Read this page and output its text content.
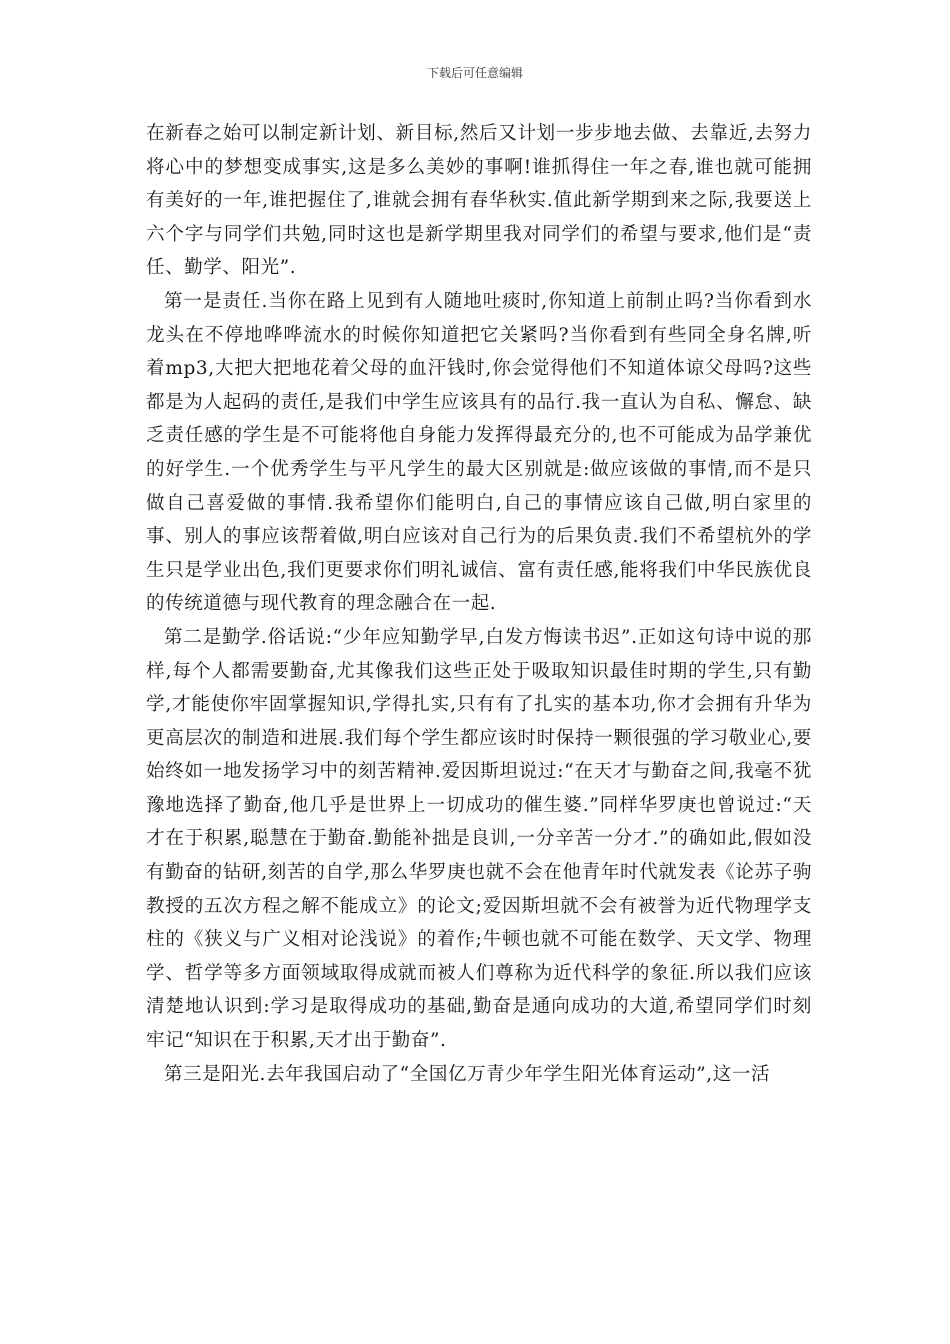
下载后可任意编辑

在新春之始可以制定新计划、新目标,然后又计划一步步地去做、去靠近,去努力将心中的梦想变成事实,这是多么美妙的事啊!谁抓得住一年之春,谁也就可能拥有美好的一年,谁把握住了,谁就会拥有春华秋实.值此新学期到来之际,我要送上六个字与同学们共勉,同时这也是新学期里我对同学们的希望与要求,他们是“责任、勤学、阳光”.

第一是责任.当你在路上见到有人随地吐痰时,你知道上前制止吗?当你看到水龙头在不停地哗哗流水的时候你知道把它关紧吗?当你看到有些同全身名牌,听着mp3,大把大把地花着父母的血汗钱时,你会觉得他们不知道体谅父母吗?这些都是为人起码的责任,是我们中学生应该具有的品行.我一直认为自私、懈怠、缺乏责任感的学生是不可能将他自身能力发挥得最充分的,也不可能成为品学兼优的好学生.一个优秀学生与平凡学生的最大区别就是:做应该做的事情,而不是只做自己喜爱做的事情.我希望你们能明白,自己的事情应该自己做,明白家里的事、别人的事应该帮着做,明白应该对自己行为的后果负责.我们不希望杭外的学生只是学业出色,我们更要求你们明礼诚信、富有责任感,能将我们中华民族优良的传统道德与现代教育的理念融合在一起.

第二是勤学.俗话说:“少年应知勤学早,白发方悔读书迟”.正如这句诗中说的那样,每个人都需要勤奋,尤其像我们这些正处于吸取知识最佳时期的学生,只有勤学,才能使你牢固掌握知识,学得扎实,只有有了扎实的基本功,你才会拥有升华为更高层次的制造和进展.我们每个学生都应该时时保持一颗很强的学习敬业心,要始终如一地发扬学习中的刻苦精神.爱因斯坦说过:“在天才与勤奋之间,我毫不犹豫地选择了勤奋,他几乎是世界上一切成功的催生婆.”同样华罗庚也曾说过:“天才在于积累,聪慧在于勤奋.勤能补拙是良训,一分辛苦一分才.”的确如此,假如没有勤奋的钻研,刻苦的自学,那么华罗庚也就不会在他青年时代就发表《论苏子驹教授的五次方程之解不能成立》的论文;爱因斯坦就不会有被誉为近代物理学支柱的《狭义与广义相对论浅说》的着作;牛顿也就不可能在数学、天文学、物理学、哲学等多方面领域取得成就而被人们尊称为近代科学的象征.所以我们应该清楚地认识到:学习是取得成功的基础,勤奋是通向成功的大道,希望同学们时刻牢记“知识在于积累,天才出于勤奋”.

第三是阳光.去年我国启动了“全国亿万青少年学生阳光体育运动”,这一活
